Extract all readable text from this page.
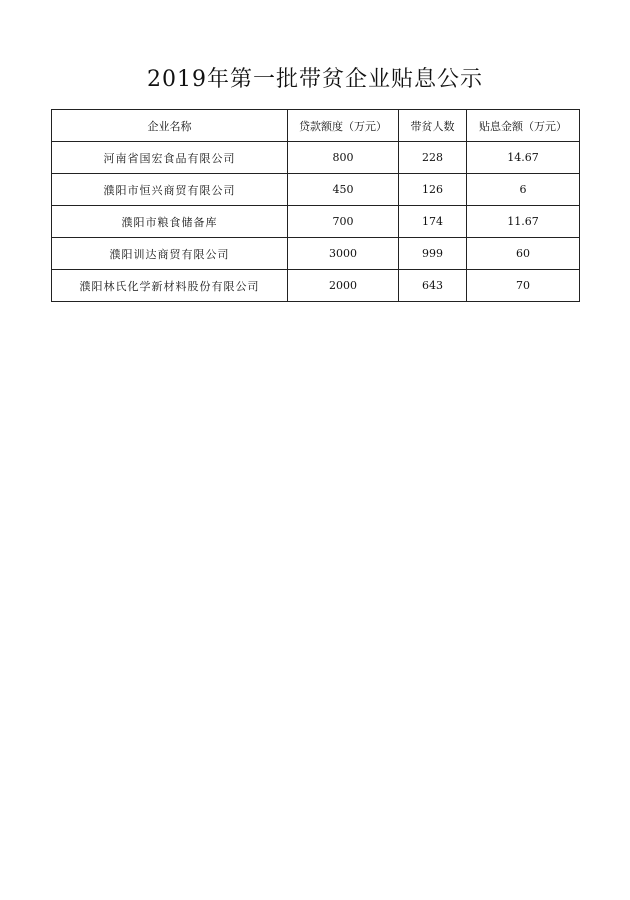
2019年第一批带贫企业贴息公示
企业名称	贷款额度（万元）	带贫人数	贴息金额（万元）
河南省国宏食品有限公司	800	228	14.67
濮阳市恒兴商贸有限公司	450	126	6
濮阳市粮食储备库	700	174	11.67
濮阳训达商贸有限公司	3000	999	60
濮阳林氏化学新材料股份有限公司	2000	643	70
